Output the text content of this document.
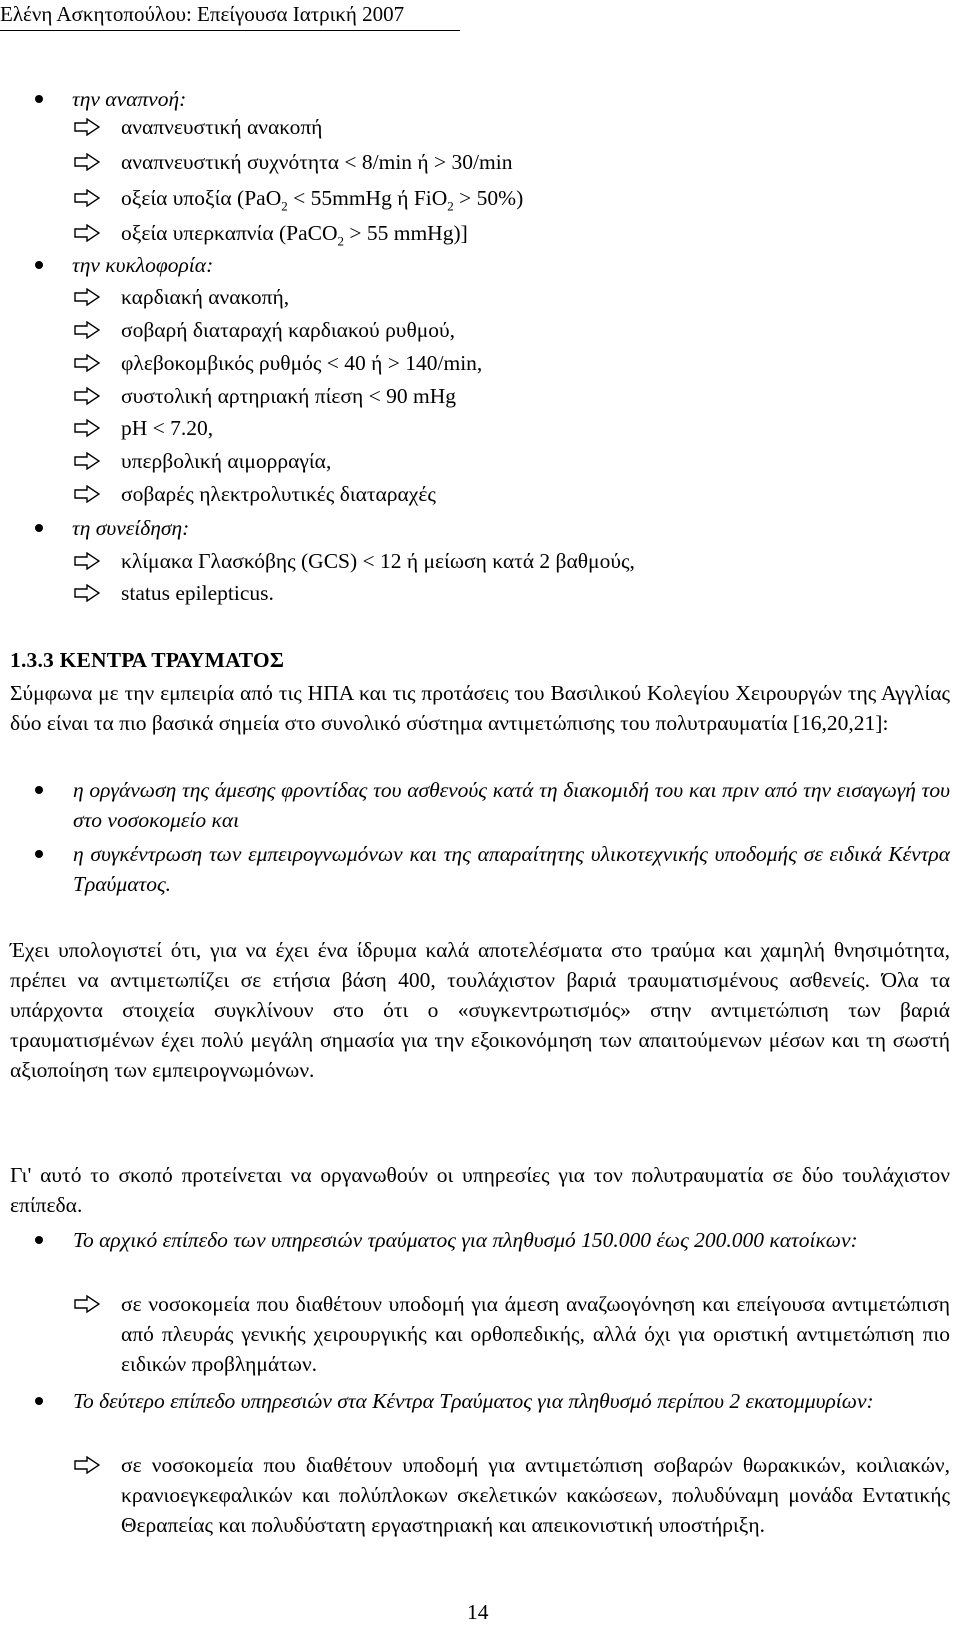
Ελένη Ασκητοπούλου: Επείγουσα Ιατρική 2007
την αναπνοή:
αναπνευστική ανακοπή
αναπνευστική συχνότητα < 8/min ή > 30/min
οξεία υποξία (PaO$_2$ < 55mmHg ή FiO$_2$ > 50%)
οξεία υπερκαπνία (PaCO$_2$ > 55 mmHg)]
την κυκλοφορία:
καρδιακή ανακοπή,
σοβαρή διαταραχή καρδιακού ρυθμού,
φλεβοκομβικός ρυθμός < 40 ή > 140/min,
συστολική αρτηριακή πίεση < 90 mHg
pH < 7.20,
υπερβολική αιμορραγία,
σοβαρές ηλεκτρολυτικές διαταραχές
τη συνείδηση:
κλίμακα Γλασκόβης (GCS) < 12 ή μείωση κατά 2 βαθμούς,
status epilepticus.
1.3.3 ΚΕΝΤΡΑ ΤΡΑΥΜΑΤΟΣ
Σύμφωνα με την εμπειρία από τις ΗΠΑ και τις προτάσεις του Βασιλικού Κολεγίου Χειρουργών της Αγγλίας δύο είναι τα πιο βασικά σημεία στο συνολικό σύστημα αντιμετώπισης του πολυτραυματία [16,20,21]:
η οργάνωση της άμεσης φροντίδας του ασθενούς κατά τη διακομιδή του και πριν από την εισαγωγή του στο νοσοκομείο και
η συγκέντρωση των εμπειρογνωμόνων και της απαραίτητης υλικοτεχνικής υποδομής σε ειδικά Κέντρα Τραύματος.
Έχει υπολογιστεί ότι, για να έχει ένα ίδρυμα καλά αποτελέσματα στο τραύμα και χαμηλή θνησιμότητα, πρέπει να αντιμετωπίζει σε ετήσια βάση 400, τουλάχιστον βαριά τραυματισμένους ασθενείς. Όλα τα υπάρχοντα στοιχεία συγκλίνουν στο ότι ο «συγκεντρωτισμός» στην αντιμετώπιση των βαριά τραυματισμένων έχει πολύ μεγάλη σημασία για την εξοικονόμηση των απαιτούμενων μέσων και τη σωστή αξιοποίηση των εμπειρογνωμόνων.
Γι' αυτό το σκοπό προτείνεται να οργανωθούν οι υπηρεσίες για τον πολυτραυματία σε δύο τουλάχιστον επίπεδα.
Το αρχικό επίπεδο των υπηρεσιών τραύματος για πληθυσμό 150.000 έως 200.000 κατοίκων:
σε νοσοκομεία που διαθέτουν υποδομή για άμεση αναζωογόνηση και επείγουσα αντιμετώπιση από πλευράς γενικής χειρουργικής και ορθοπεδικής, αλλά όχι για οριστική αντιμετώπιση πιο ειδικών προβλημάτων.
Το δεύτερο επίπεδο υπηρεσιών στα Κέντρα Τραύματος για πληθυσμό περίπου 2 εκατομμυρίων:
σε νοσοκομεία που διαθέτουν υποδομή για αντιμετώπιση σοβαρών θωρακικών, κοιλιακών, κρανιοεγκεφαλικών και πολύπλοκων σκελετικών κακώσεων, πολυδύναμη μονάδα Εντατικής Θεραπείας και πολυδύστατη εργαστηριακή και απεικονιστική υποστήριξη.
14
